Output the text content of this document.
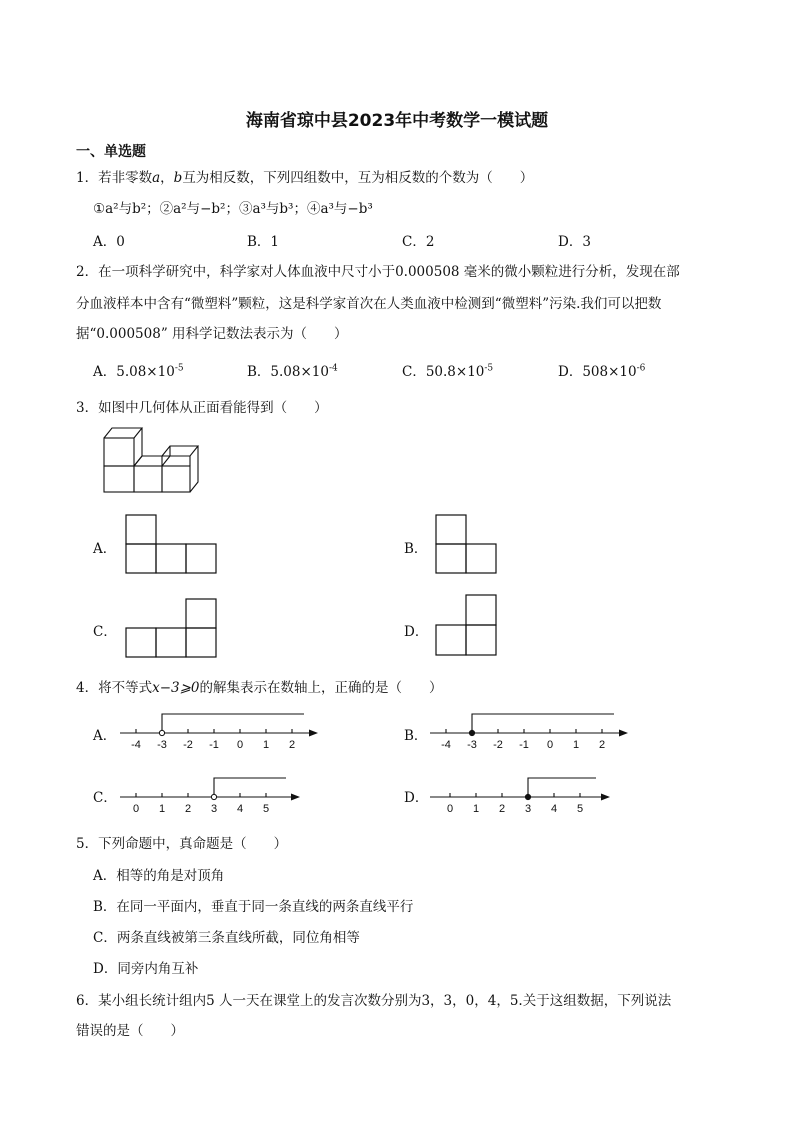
海南省琼中县2023年中考数学一模试题
一、单选题
1．若非零数a，b互为相反数，下列四组数中，互为相反数的个数为（　　）
①a²与b²；②a²与−b²；③a³与b³；④a³与−b³
A．0	B．1	C．2	D．3
2．在一项科学研究中，科学家对人体血液中尺寸小于0.000508 毫米的微小颗粒进行分析，发现在部
分血液样本中含有“微塑料”颗粒，这是科学家首次在人类血液中检测到“微塑料”污染.我们可以把数
据“0.000508” 用科学记数法表示为（　　）
A．$5.08\times 10^{-5}$	B．$5.08\times 10^{-4}$	C．$50.8\times 10^{-5}$	D．$508\times 10^{-6}$
3．如图中几何体从正面看能得到（　　）
A．	B．
C．	D．
4．将不等式x−3⩾0的解集表示在数轴上，正确的是（　　）
A．
-4 -3 -2 -1 0 1 2
B．
-4 -3 -2 -1 0 1 2
C．
0 1 2 3 4 5
D．
0 1 2 3 4 5
5．下列命题中，真命题是（　　）
A．相等的角是对顶角
B．在同一平面内，垂直于同一条直线的两条直线平行
C．两条直线被第三条直线所截，同位角相等
D．同旁内角互补
6．某小组长统计组内5 人一天在课堂上的发言次数分别为3，3，0，4，5.关于这组数据，下列说法
错误的是（　　）
